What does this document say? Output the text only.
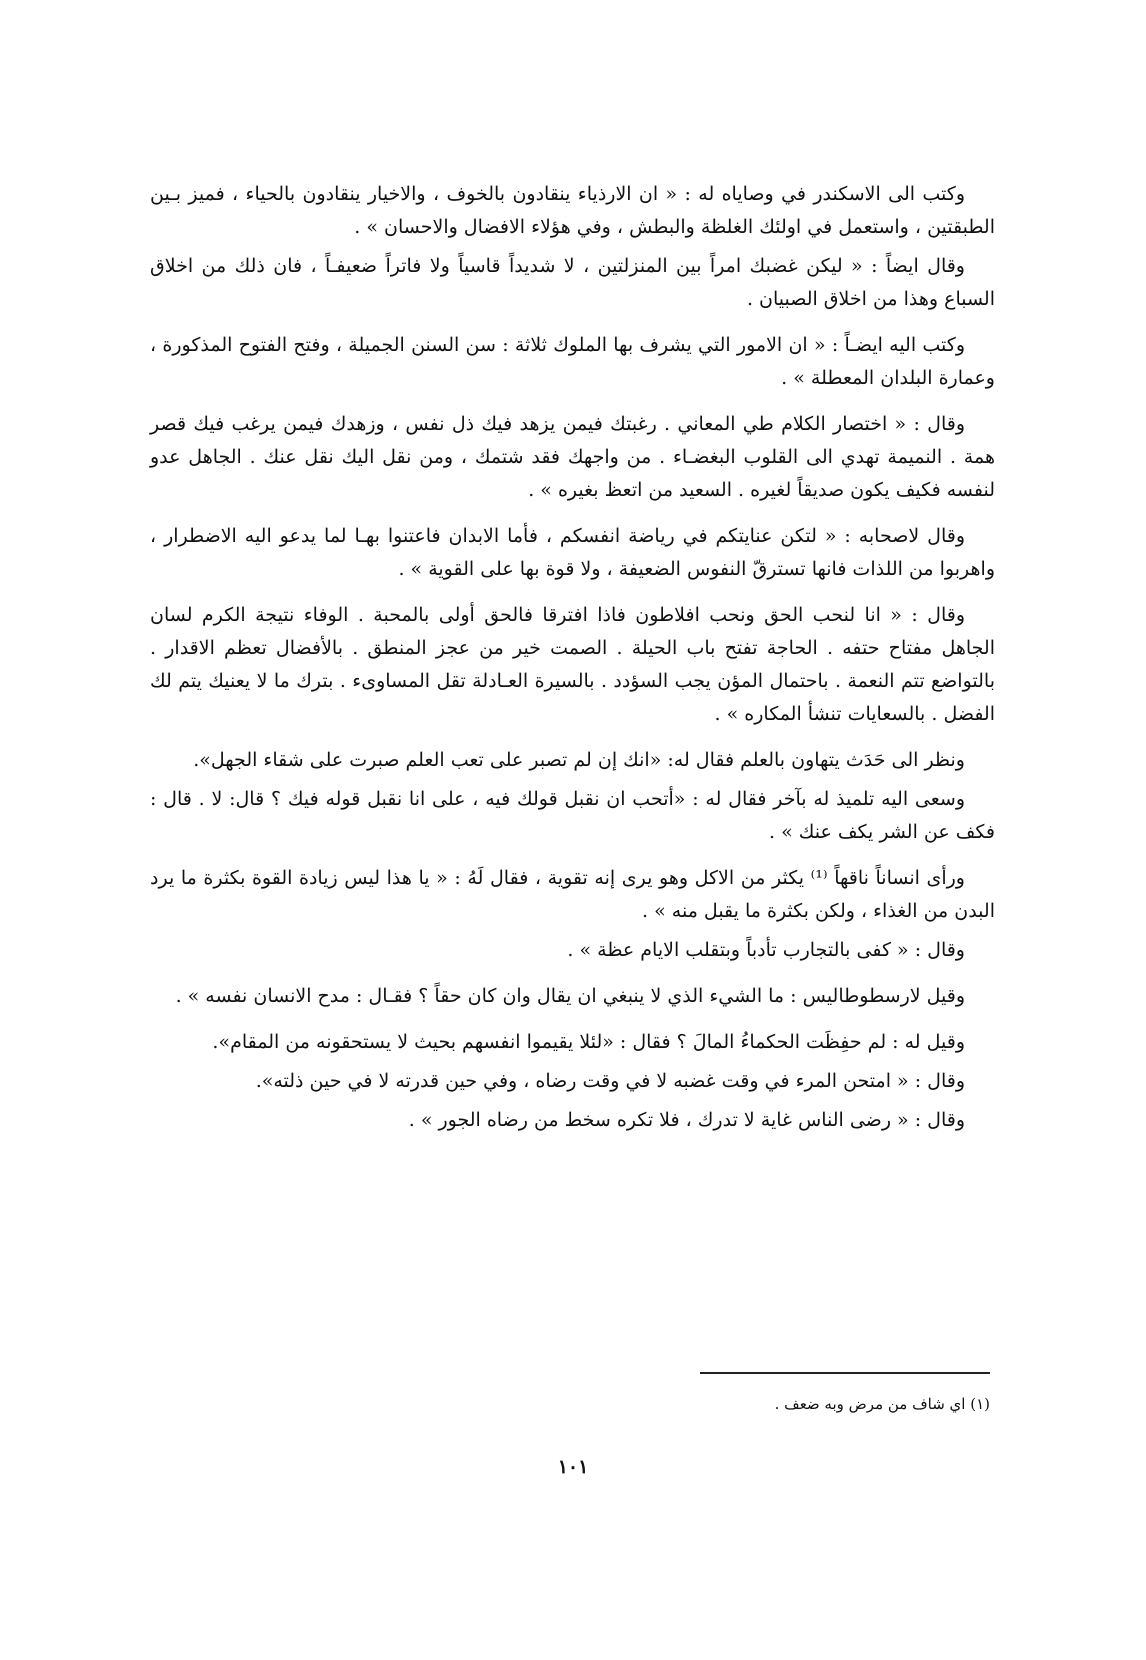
وكتب الى الاسكندر في وصاياه له : « ان الارذياء ينقادون بالخوف ، والاخيار ينقادون بالحياء ، فميز بـين الطبقتين ، واستعمل في اولئك الغلظة والبطش ، وفي هؤلاء الافضال والاحسان » .

وقال ايضاً : « ليكن غضبك امراً بين المنزلتين ، لا شديداً قاسياً ولا فاتراً ضعيفـاً ، فان ذلك من اخلاق السباع وهذا من اخلاق الصبيان .

وكتب اليه ايضـاً : « ان الامور التي يشرف بها الملوك ثلاثة : سن السنن الجميلة ، وفتح الفتوح المذكورة ، وعمارة البلدان المعطلة » .

وقال : « اختصار الكلام طي المعاني . رغبتك فيمن يزهد فيك ذل نفس ، وزهدك فيمن يرغب فيك قصر همة . النميمة تهدي الى القلوب البغضـاء . من واجهك فقد شتمك ، ومن نقل اليك نقل عنك . الجاهل عدو لنفسه فكيف يكون صديقاً لغيره . السعيد من اتعظ بغيره » .

وقال لاصحابه : « لتكن عنايتكم في رياضة انفسكم ، فأما الابدان فاعتنوا بهـا لما يدعو اليه الاضطرار ، واهربوا من اللذات فانها تسترقّ النفوس الضعيفة ، ولا قوة بها على القوية » .

وقال : « انا لنحب الحق ونحب افلاطون فاذا افترقا فالحق أولى بالمحبة . الوفاء نتيجة الكرم لسان الجاهل مفتاح حتفه . الحاجة تفتح باب الحيلة . الصمت خير من عجز المنطق . بالأفضال تعظم الاقدار . بالتواضع تتم النعمة . باحتمال المؤن يجب السؤدد . بالسيرة العـادلة تقل المساوىء . بترك ما لا يعنيك يتم لك الفضل . بالسعايات تنشأ المكاره » .

ونظر الى حَدَث يتهاون بالعلم فقال له: «انك إن لم تصبر على تعب العلم صبرت على شقاء الجهل».

وسعى اليه تلميذ له بآخر فقال له : «أتحب ان نقبل قولك فيه ، على انا نقبل قوله فيك ؟ قال: لا . قال : فكف عن الشر يكف عنك » .

ورأى انساناً ناقهاً ⁽¹⁾ يكثر من الاكل وهو يرى إنه تقوية ، فقال لَهُ : « يا هذا ليس زيادة القوة بكثرة ما يرد البدن من الغذاء ، ولكن بكثرة ما يقبل منه » .

وقال : « كفى بالتجارب تأدباً وبتقلب الايام عظة » .

وقيل لارسطوطاليس : ما الشيء الذي لا ينبغي ان يقال وان كان حقاً ؟ فقـال : مدح الانسان نفسه » .

وقيل له : لم حفِظَت الحكماءُ المالَ ؟ فقال : «لئلا يقيموا انفسهم بحيث لا يستحقونه من المقام».

وقال : « امتحن المرء في وقت غضبه لا في وقت رضاه ، وفي حين قدرته لا في حين ذلته».

وقال : « رضى الناس غاية لا تدرك ، فلا تكره سخط من رضاه الجور » .

(١) اي شاف من مرض وبه ضعف .
١٠١
